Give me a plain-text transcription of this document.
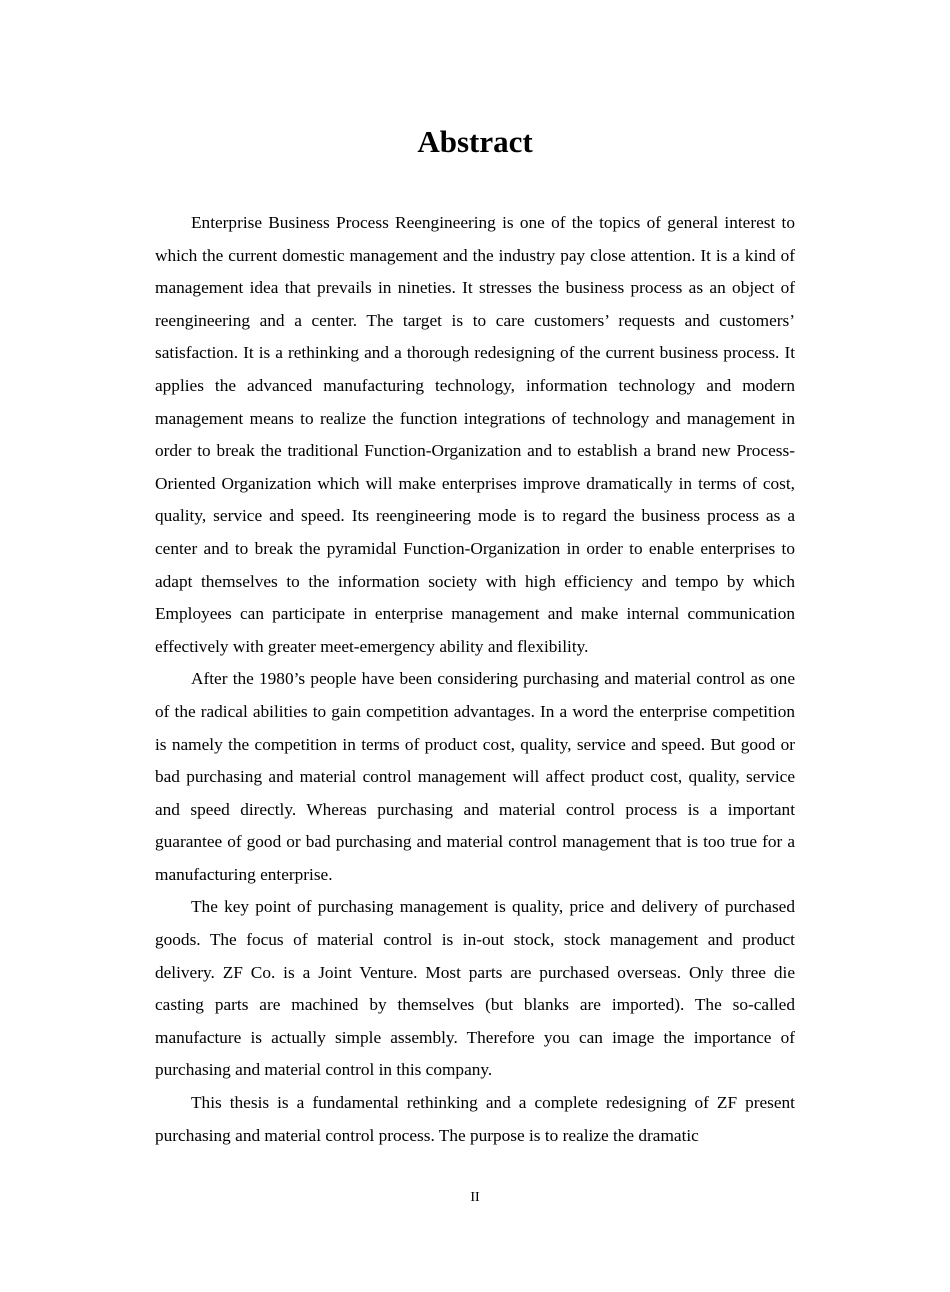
Abstract

Enterprise Business Process Reengineering is one of the topics of general interest to which the current domestic management and the industry pay close attention. It is a kind of management idea that prevails in nineties. It stresses the business process as an object of reengineering and a center. The target is to care customers’ requests and customers’ satisfaction. It is a rethinking and a thorough redesigning of the current business process. It applies the advanced manufacturing technology, information technology and modern management means to realize the function integrations of technology and management in order to break the traditional Function-Organization and to establish a brand new Process-Oriented Organization which will make enterprises improve dramatically in terms of cost, quality, service and speed. Its reengineering mode is to regard the business process as a center and to break the pyramidal Function-Organization in order to enable enterprises to adapt themselves to the information society with high efficiency and tempo by which Employees can participate in enterprise management and make internal communication effectively with greater meet-emergency ability and flexibility.

After the 1980’s people have been considering purchasing and material control as one of the radical abilities to gain competition advantages. In a word the enterprise competition is namely the competition in terms of product cost, quality, service and speed. But good or bad purchasing and material control management will affect product cost, quality, service and speed directly. Whereas purchasing and material control process is a important guarantee of good or bad purchasing and material control management that is too true for a manufacturing enterprise.

The key point of purchasing management is quality, price and delivery of purchased goods. The focus of material control is in-out stock, stock management and product delivery. ZF Co. is a Joint Venture. Most parts are purchased overseas. Only three die casting parts are machined by themselves (but blanks are imported). The so-called manufacture is actually simple assembly. Therefore you can image the importance of purchasing and material control in this company.

This thesis is a fundamental rethinking and a complete redesigning of ZF present purchasing and material control process. The purpose is to realize the dramatic

II
